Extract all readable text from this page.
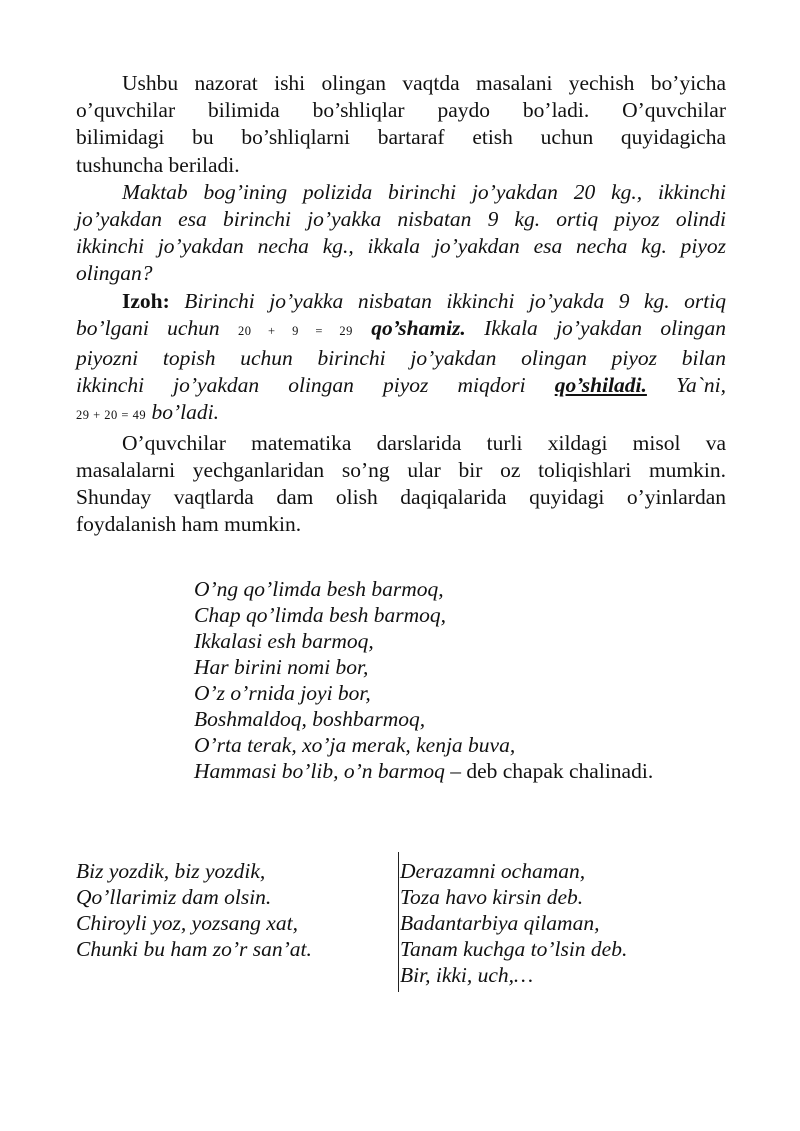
Ushbu nazorat ishi olingan vaqtda masalani yechish bo’yicha
o’quvchilar bilimida bo’shliqlar paydo bo’ladi. O’quvchilar
bilimidagi bu bo’shliqlarni bartaraf etish uchun quyidagicha
tushuncha beriladi.
Maktab bog’ining polizida birinchi jo’yakdan 20 kg., ikkinchi
jo’yakdan esa birinchi jo’yakka nisbatan 9 kg. ortiq piyoz olindi
ikkinchi jo’yakdan necha kg., ikkala jo’yakdan esa necha kg. piyoz
olingan?
Izoh: Birinchi jo’yakka nisbatan ikkinchi jo’yakda 9 kg. ortiq
bo’lgani uchun 20 + 9 = 29 qo’shamiz. Ikkala jo’yakdan olingan
piyozni topish uchun birinchi jo’yakdan olingan piyoz bilan
ikkinchi jo’yakdan olingan piyoz miqdori qo’shiladi. Ya`ni,
29 + 20 = 49 bo’ladi.
O’quvchilar matematika darslarida turli xildagi misol va
masalalarni yechganlaridan so’ng ular bir oz toliqishlari mumkin.
Shunday vaqtlarda dam olish daqiqalarida quyidagi o’yinlardan
foydalanish ham mumkin.
O’ng qo’limda besh barmoq,
Chap qo’limda besh barmoq,
Ikkalasi esh barmoq,
Har birini nomi bor,
O’z o’rnida joyi bor,
Boshmaldoq, boshbarmoq,
O’rta terak, xo’ja merak, kenja buva,
Hammasi bo’lib, o’n barmoq – deb chapak chalinadi.
Biz yozdik, biz yozdik,
Qo’llarimiz dam olsin.
Chiroyli yoz, yozsang xat,
Chunki bu ham zo’r san’at.
Derazamni ochaman,
Toza havo kirsin deb.
Badantarbiya qilaman,
Tanam kuchga to’lsin deb.
Bir, ikki, uch,…
